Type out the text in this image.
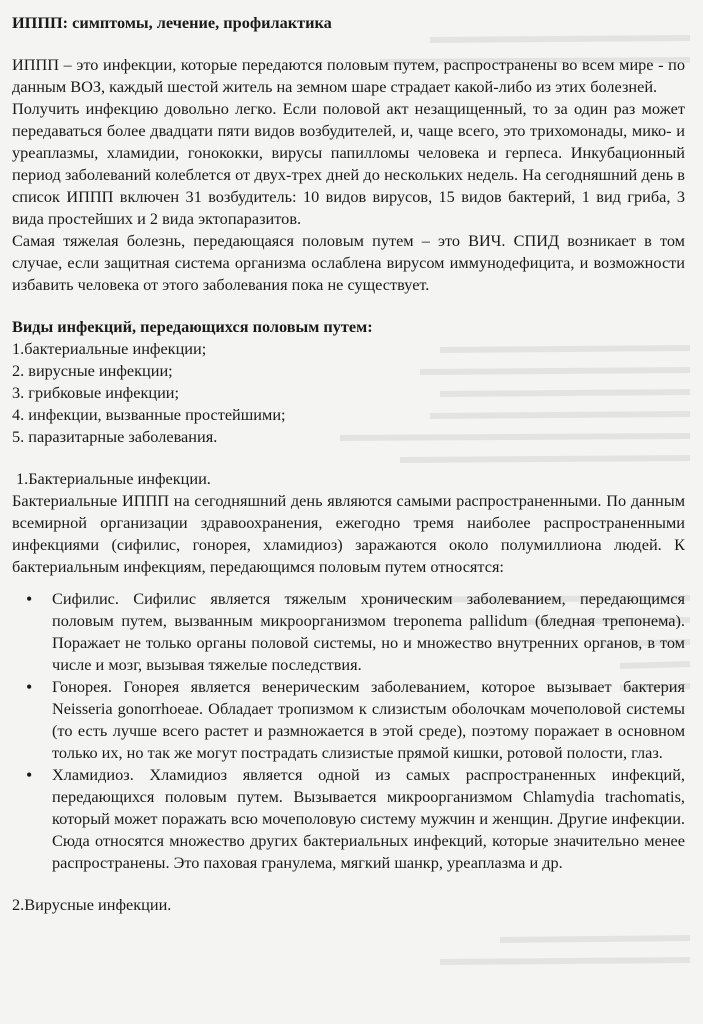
ИППП: симптомы, лечение, профилактика

ИППП – это инфекции, которые передаются половым путем, распространены во всем мире - по данным ВОЗ, каждый шестой житель на земном шаре страдает какой-либо из этих болезней.

Получить инфекцию довольно легко. Если половой акт незащищенный, то за один раз может передаваться более двадцати пяти видов возбудителей, и, чаще всего, это трихомонады, мико- и уреаплазмы, хламидии, гонококки, вирусы папилломы человека и герпеса. Инкубационный период заболеваний колеблется от двух-трех дней до нескольких недель. На сегодняшний день в список ИППП включен 31 возбудитель: 10 видов вирусов, 15 видов бактерий, 1 вид гриба, 3 вида простейших и 2 вида эктопаразитов.

Самая тяжелая болезнь, передающаяся половым путем – это ВИЧ. СПИД возникает в том случае, если защитная система организма ослаблена вирусом иммунодефицита, и возможности избавить человека от этого заболевания пока не существует.

Виды инфекций, передающихся половым путем:
1.бактериальные инфекции;
2. вирусные инфекции;
3. грибковые инфекции;
4. инфекции, вызванные простейшими;
5. паразитарные заболевания.
1.Бактериальные инфекции.

Бактериальные ИППП на сегодняшний день являются самыми распространенными. По данным всемирной организации здравоохранения, ежегодно тремя наиболее распространенными инфекциями (сифилис, гонорея, хламидиоз) заражаются около полумиллиона людей. К бактериальным инфекциям, передающимся половым путем относятся:

• Сифилис. Сифилис является тяжелым хроническим заболеванием, передающимся половым путем, вызванным микроорганизмом treponema pallidum (бледная трепонема). Поражает не только органы половой системы, но и множество внутренних органов, в том числе и мозг, вызывая тяжелые последствия.
• Гонорея. Гонорея является венерическим заболеванием, которое вызывает бактерия Neisseria gonorrhoeae. Обладает тропизмом к слизистым оболочкам мочеполовой системы (то есть лучше всего растет и размножается в этой среде), поэтому поражает в основном только их, но так же могут пострадать слизистые прямой кишки, ротовой полости, глаз.
• Хламидиоз. Хламидиоз является одной из самых распространенных инфекций, передающихся половым путем. Вызывается микроорганизмом Chlamydia trachomatis, который может поражать всю мочеполовую систему мужчин и женщин. Другие инфекции. Сюда относятся множество других бактериальных инфекций, которые значительно менее распространены. Это паховая гранулема, мягкий шанкр, уреаплазма и др.
2.Вирусные инфекции.
